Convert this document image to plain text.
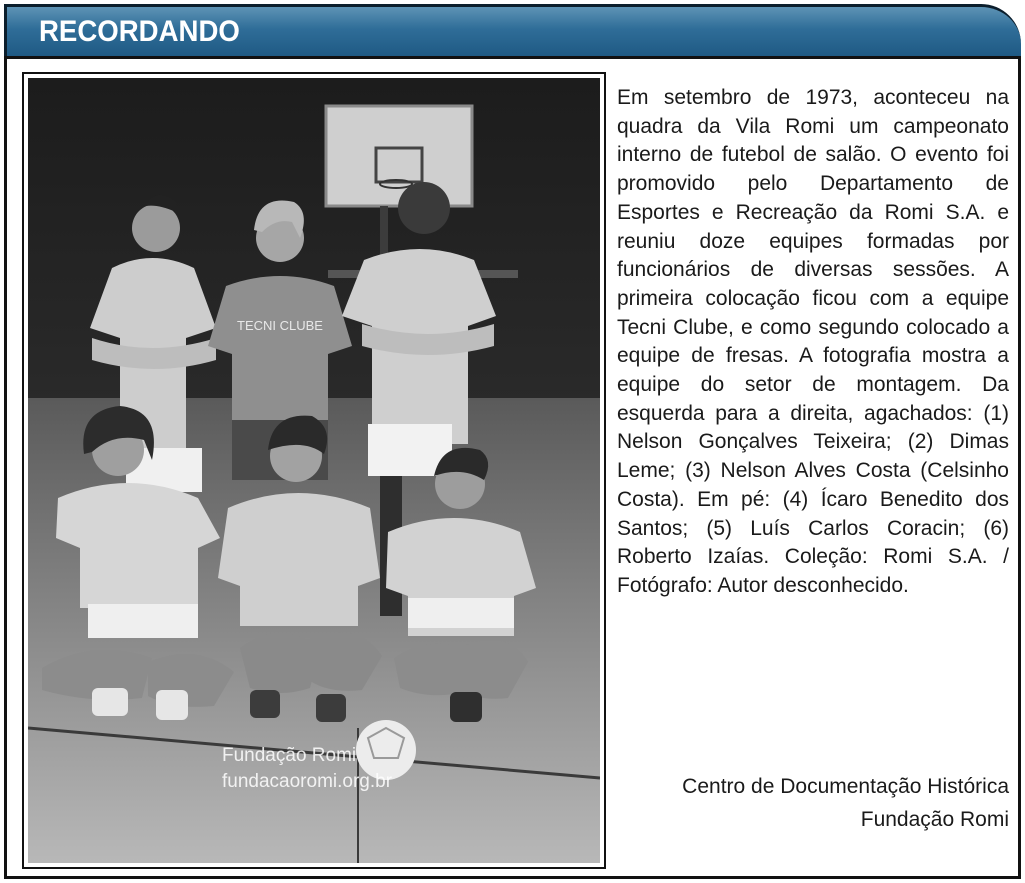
RECORDANDO
TECNI CLUBE
Fundação Romi
fundacaoromi.org.br
Em setembro de 1973, aconteceu na quadra da Vila Romi um campeonato interno de futebol de salão. O evento foi promovido pelo Departamento de Esportes e Recreação da Romi S.A. e reuniu doze equipes formadas por funcionários de diversas sessões. A primeira colocação ficou com a equipe Tecni Clube, e como segundo colocado a equipe de fresas. A fotografia mostra a equipe do setor de montagem. Da esquerda para a direita, agachados: (1) Nelson Gonçalves Teixeira; (2) Dimas Leme; (3) Nelson Alves Costa (Celsinho Costa). Em pé: (4) Ícaro Benedito dos Santos; (5) Luís Carlos Coracin; (6) Roberto Izaías. Coleção: Romi S.A. / Fotógrafo: Autor desconhecido.
Centro de Documentação Histórica
Fundação Romi
